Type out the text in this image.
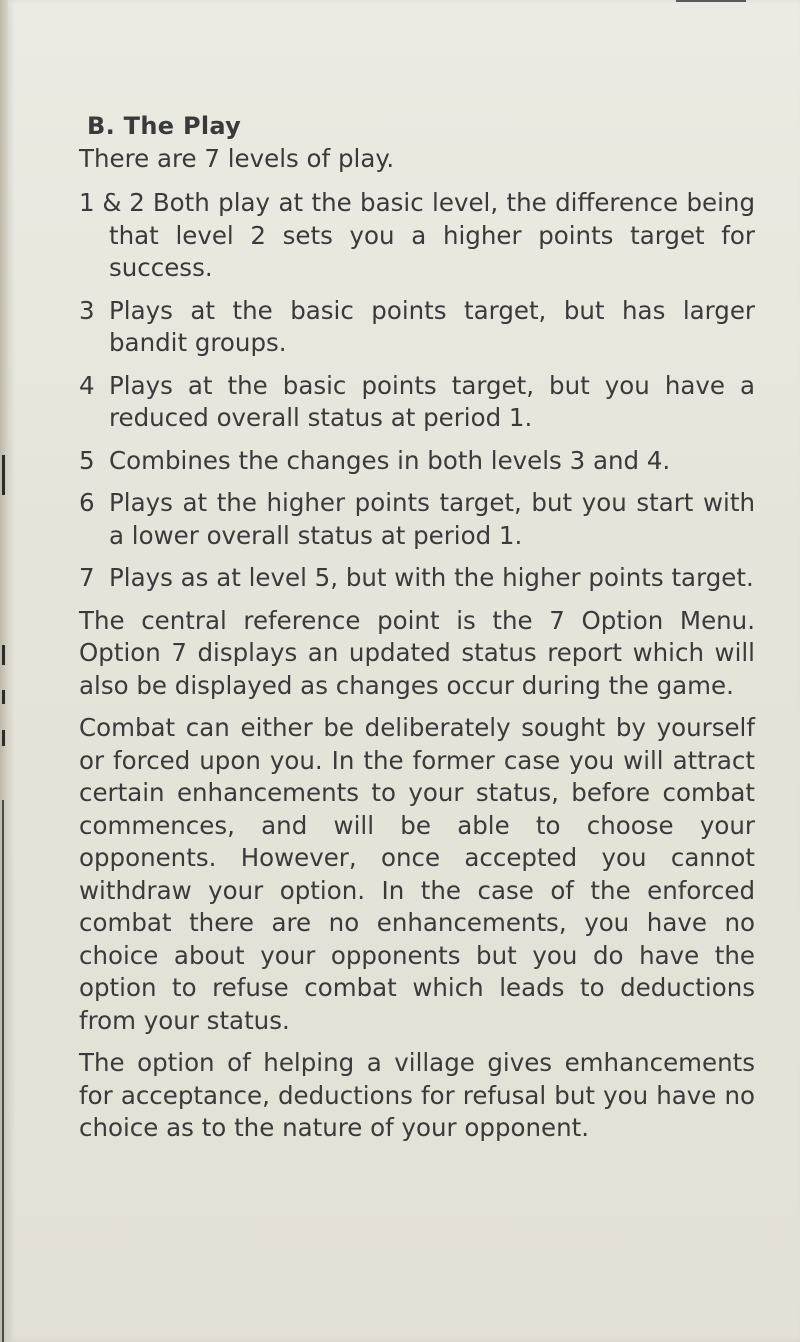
B. The Play

There are 7 levels of play.

1 & 2 Both play at the basic level, the difference being that level 2 sets you a higher points target for success.
3 Plays at the basic points target, but has larger bandit groups.
4 Plays at the basic points target, but you have a reduced overall status at period 1.
5 Combines the changes in both levels 3 and 4.
6 Plays at the higher points target, but you start with a lower overall status at period 1.
7 Plays as at level 5, but with the higher points target.

The central reference point is the 7 Option Menu. Option 7 displays an updated status report which will also be displayed as changes occur during the game.

Combat can either be deliberately sought by yourself or forced upon you. In the former case you will attract certain enhancements to your status, before combat commences, and will be able to choose your opponents. However, once accepted you cannot withdraw your option. In the case of the enforced combat there are no enhancements, you have no choice about your opponents but you do have the option to refuse combat which leads to deductions from your status.

The option of helping a village gives emhancements for acceptance, deductions for refusal but you have no choice as to the nature of your opponent.
